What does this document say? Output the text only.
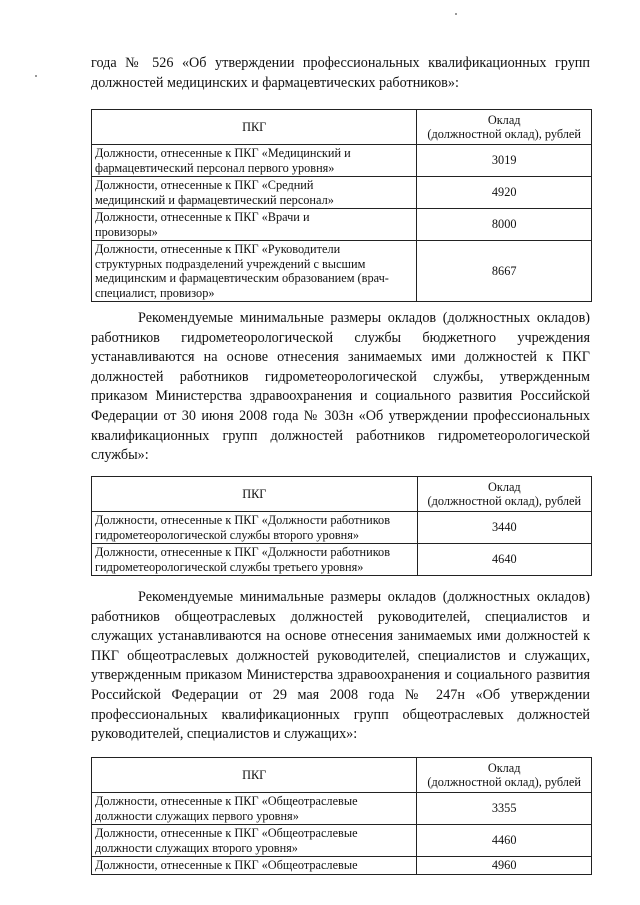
года № 526 «Об утверждении профессиональных квалификационных групп
должностей медицинских и фармацевтических работников»:

ПКГ	Оклад
(должностной оклад), рублей

Должности, отнесенные к ПКГ «Медицинский и
фармацевтический персонал первого уровня»	3019

Должности, отнесенные к ПКГ «Средний
медицинский и фармацевтический персонал»	4920

Должности, отнесенные к ПКГ «Врачи и
провизоры»	8000

Должности, отнесенные к ПКГ «Руководители
структурных подразделений учреждений с высшим
медицинским и фармацевтическим образованием (врач-
специалист, провизор»	8667

Рекомендуемые минимальные размеры окладов (должностных окладов)
работников гидрометеорологической службы бюджетного учреждения
устанавливаются на основе отнесения занимаемых ими должностей к ПКГ
должностей работников гидрометеорологической службы, утвержденным
приказом Министерства здравоохранения и социального развития Российской
Федерации от 30 июня 2008 года № 303н «Об утверждении профессиональных
квалификационных групп должностей работников гидрометеорологической
службы»:

ПКГ	Оклад
(должностной оклад), рублей

Должности, отнесенные к ПКГ «Должности работников
гидрометеорологической службы второго уровня»	3440

Должности, отнесенные к ПКГ «Должности работников
гидрометеорологической службы третьего уровня»	4640

Рекомендуемые минимальные размеры окладов (должностных окладов)
работников общеотраслевых должностей руководителей, специалистов и
служащих устанавливаются на основе отнесения занимаемых ими должностей к
ПКГ общеотраслевых должностей руководителей, специалистов и служащих,
утвержденным приказом Министерства здравоохранения и социального развития
Российской Федерации от 29 мая 2008 года № 247н «Об утверждении
профессиональных квалификационных групп общеотраслевых должностей
руководителей, специалистов и служащих»:

ПКГ	Оклад
(должностной оклад), рублей

Должности, отнесенные к ПКГ «Общеотраслевые
должности служащих первого уровня»	3355

Должности, отнесенные к ПКГ «Общеотраслевые
должности служащих второго уровня»	4460

Должности, отнесенные к ПКГ «Общеотраслевые	4960
